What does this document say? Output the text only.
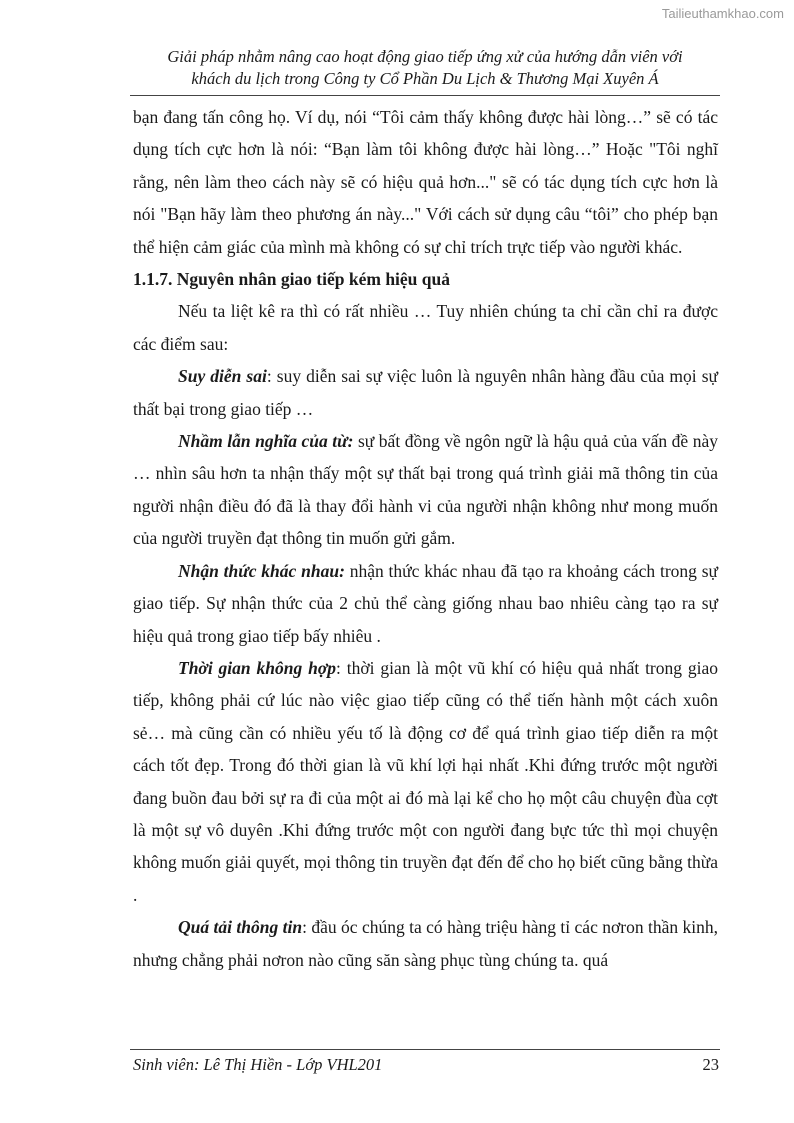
Tailieuthamkhao.com
Giải pháp nhằm nâng cao hoạt động giao tiếp ứng xử của hướng dẫn viên với
khách du lịch trong Công ty Cổ Phần Du Lịch & Thương Mại Xuyên Á

bạn đang tấn công họ. Ví dụ, nói “Tôi cảm thấy không được hài lòng…” sẽ có tác dụng tích cực hơn là nói: “Bạn làm tôi không được hài lòng…” Hoặc "Tôi nghĩ rằng, nên làm theo cách này sẽ có hiệu quả hơn..." sẽ có tác dụng tích cực hơn là nói "Bạn hãy làm theo phương án này..." Với cách sử dụng câu “tôi” cho phép bạn thể hiện cảm giác của mình mà không có sự chỉ trích trực tiếp vào người khác.

1.1.7. Nguyên nhân giao tiếp kém hiệu quả

Nếu ta liệt kê ra thì có rất nhiều … Tuy nhiên chúng ta chỉ cần chỉ ra được các điểm sau:

Suy diễn sai: suy diễn sai sự việc luôn là nguyên nhân hàng đầu của mọi sự thất bại trong giao tiếp …

Nhầm lẫn nghĩa của từ: sự bất đồng về ngôn ngữ là hậu quả của vấn đề này … nhìn sâu hơn ta nhận thấy một sự thất bại trong quá trình giải mã thông tin của người nhận điều đó đã là thay đổi hành vi của người nhận không như mong muốn của người truyền đạt thông tin muốn gửi gắm.

Nhận thức khác nhau: nhận thức khác nhau đã tạo ra khoảng cách trong sự giao tiếp. Sự nhận thức của 2 chủ thể càng giống nhau bao nhiêu càng tạo ra sự hiệu quả trong giao tiếp bấy nhiêu .

Thời gian không hợp: thời gian là một vũ khí có hiệu quả nhất trong giao tiếp, không phải cứ lúc nào việc giao tiếp cũng có thể tiến hành một cách xuôn sẻ… mà cũng cần có nhiều yếu tố là động cơ để quá trình giao tiếp diễn ra một cách tốt đẹp. Trong đó thời gian là vũ khí lợi hại nhất .Khi đứng trước một người đang buồn đau bởi sự ra đi của một ai đó mà lại kể cho họ một câu chuyện đùa cợt là một sự vô duyên .Khi đứng trước một con người đang bực tức thì mọi chuyện không muốn giải quyết, mọi thông tin truyền đạt đến để cho họ biết cũng bằng thừa .

Quá tải thông tin: đầu óc chúng ta có hàng triệu hàng tỉ các nơron thần kinh, nhưng chẳng phải nơron nào cũng săn sàng phục tùng chúng ta. quá

Sinh viên: Lê Thị Hiền - Lớp VHL201	23
